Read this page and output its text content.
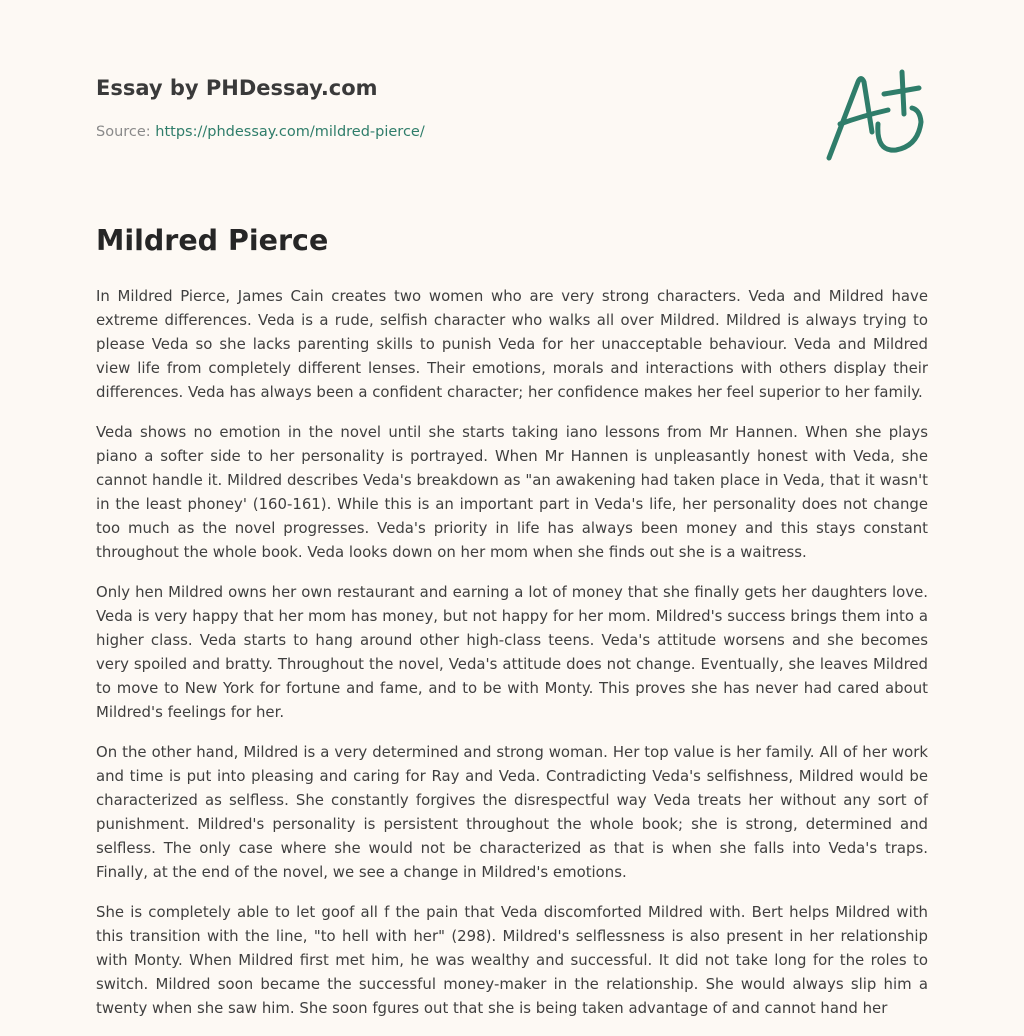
Essay by PHDessay.com
Source: https://phdessay.com/mildred-pierce/
Mildred Pierce

In Mildred Pierce, James Cain creates two women who are very strong characters. Veda and Mildred have extreme differences. Veda is a rude, selfish character who walks all over Mildred. Mildred is always trying to please Veda so she lacks parenting skills to punish Veda for her unacceptable behaviour. Veda and Mildred view life from completely different lenses. Their emotions, morals and interactions with others display their differences. Veda has always been a confident character; her confidence makes her feel superior to her family.

Veda shows no emotion in the novel until she starts taking iano lessons from Mr Hannen. When she plays piano a softer side to her personality is portrayed. When Mr Hannen is unpleasantly honest with Veda, she cannot handle it. Mildred describes Veda's breakdown as "an awakening had taken place in Veda, that it wasn't in the least phoney' (160-161). While this is an important part in Veda's life, her personality does not change too much as the novel progresses. Veda's priority in life has always been money and this stays constant throughout the whole book. Veda looks down on her mom when she finds out she is a waitress.

Only hen Mildred owns her own restaurant and earning a lot of money that she finally gets her daughters love. Veda is very happy that her mom has money, but not happy for her mom. Mildred's success brings them into a higher class. Veda starts to hang around other high-class teens. Veda's attitude worsens and she becomes very spoiled and bratty. Throughout the novel, Veda's attitude does not change. Eventually, she leaves Mildred to move to New York for fortune and fame, and to be with Monty. This proves she has never had cared about Mildred's feelings for her.

On the other hand, Mildred is a very determined and strong woman. Her top value is her family. All of her work and time is put into pleasing and caring for Ray and Veda. Contradicting Veda's selfishness, Mildred would be characterized as selfless. She constantly forgives the disrespectful way Veda treats her without any sort of punishment. Mildred's personality is persistent throughout the whole book; she is strong, determined and selfless. The only case where she would not be characterized as that is when she falls into Veda's traps. Finally, at the end of the novel, we see a change in Mildred's emotions.

She is completely able to let goof all f the pain that Veda discomforted Mildred with. Bert helps Mildred with this transition with the line, "to hell with her" (298). Mildred's selflessness is also present in her relationship with Monty. When Mildred first met him, he was wealthy and successful. It did not take long for the roles to switch. Mildred soon became the successful money-maker in the relationship. She would always slip him a twenty when she saw him. She soon fgures out that she is being taken advantage of and cannot hand her
